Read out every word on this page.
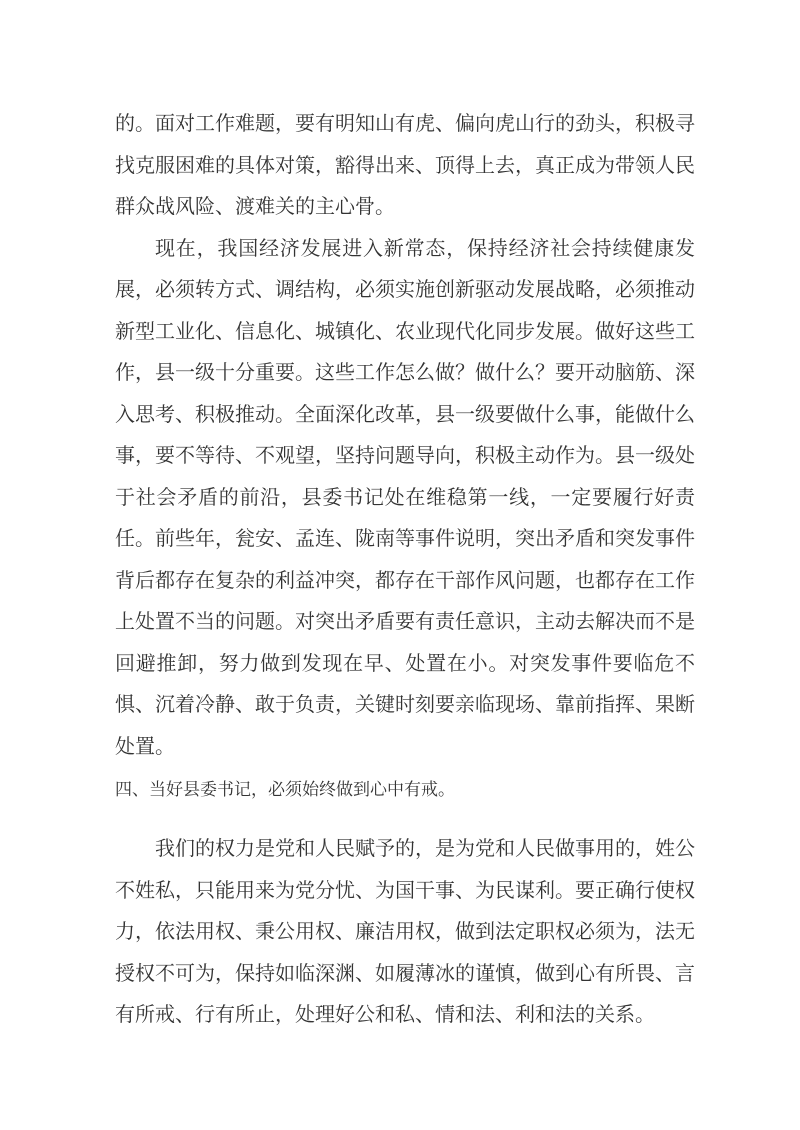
的。面对工作难题，要有明知山有虎、偏向虎山行的劲头，积极寻
找克服困难的具体对策，豁得出来、顶得上去，真正成为带领人民
群众战风险、渡难关的主心骨。
现在，我国经济发展进入新常态，保持经济社会持续健康发
展，必须转方式、调结构，必须实施创新驱动发展战略，必须推动
新型工业化、信息化、城镇化、农业现代化同步发展。做好这些工
作，县一级十分重要。这些工作怎么做？做什么？要开动脑筋、深
入思考、积极推动。全面深化改革，县一级要做什么事，能做什么
事，要不等待、不观望，坚持问题导向，积极主动作为。县一级处
于社会矛盾的前沿，县委书记处在维稳第一线，一定要履行好责
任。前些年，瓮安、孟连、陇南等事件说明，突出矛盾和突发事件
背后都存在复杂的利益冲突，都存在干部作风问题，也都存在工作
上处置不当的问题。对突出矛盾要有责任意识，主动去解决而不是
回避推卸，努力做到发现在早、处置在小。对突发事件要临危不
惧、沉着冷静、敢于负责，关键时刻要亲临现场、靠前指挥、果断
处置。
四、当好县委书记，必须始终做到心中有戒。
我们的权力是党和人民赋予的，是为党和人民做事用的，姓公
不姓私，只能用来为党分忧、为国干事、为民谋利。要正确行使权
力，依法用权、秉公用权、廉洁用权，做到法定职权必须为，法无
授权不可为，保持如临深渊、如履薄冰的谨慎，做到心有所畏、言
有所戒、行有所止，处理好公和私、情和法、利和法的关系。
